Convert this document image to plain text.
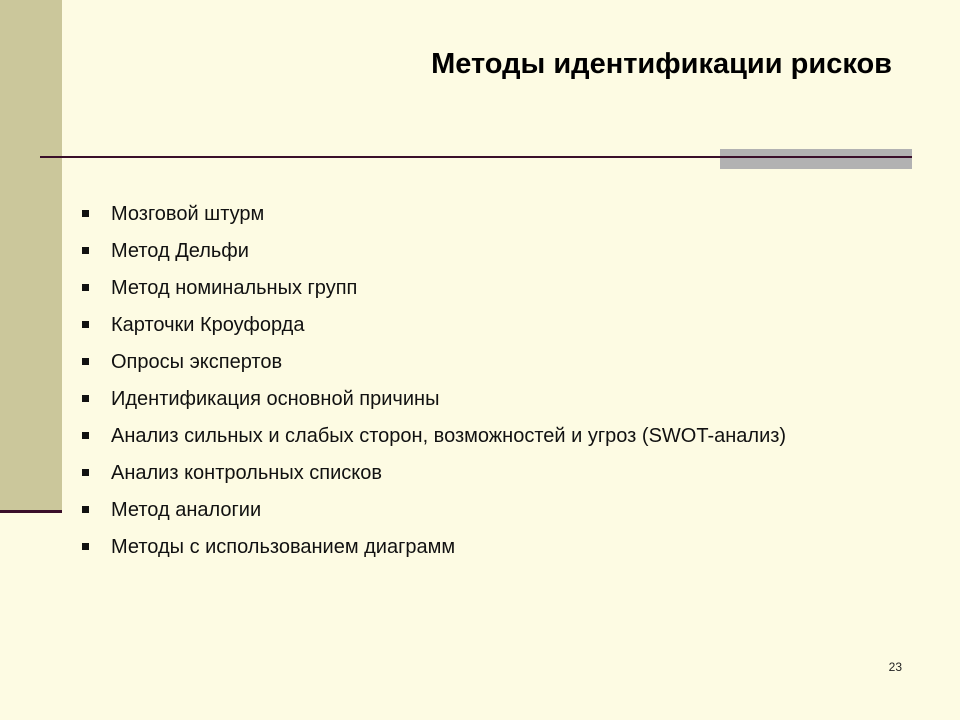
Методы идентификации рисков
Мозговой штурм
Метод Дельфи
Метод номинальных групп
Карточки Кроуфорда
Опросы экспертов
Идентификация основной причины
Анализ сильных и слабых сторон, возможностей и угроз (SWOT-анализ)
Анализ контрольных списков
Метод аналогии
Методы с использованием диаграмм
23
